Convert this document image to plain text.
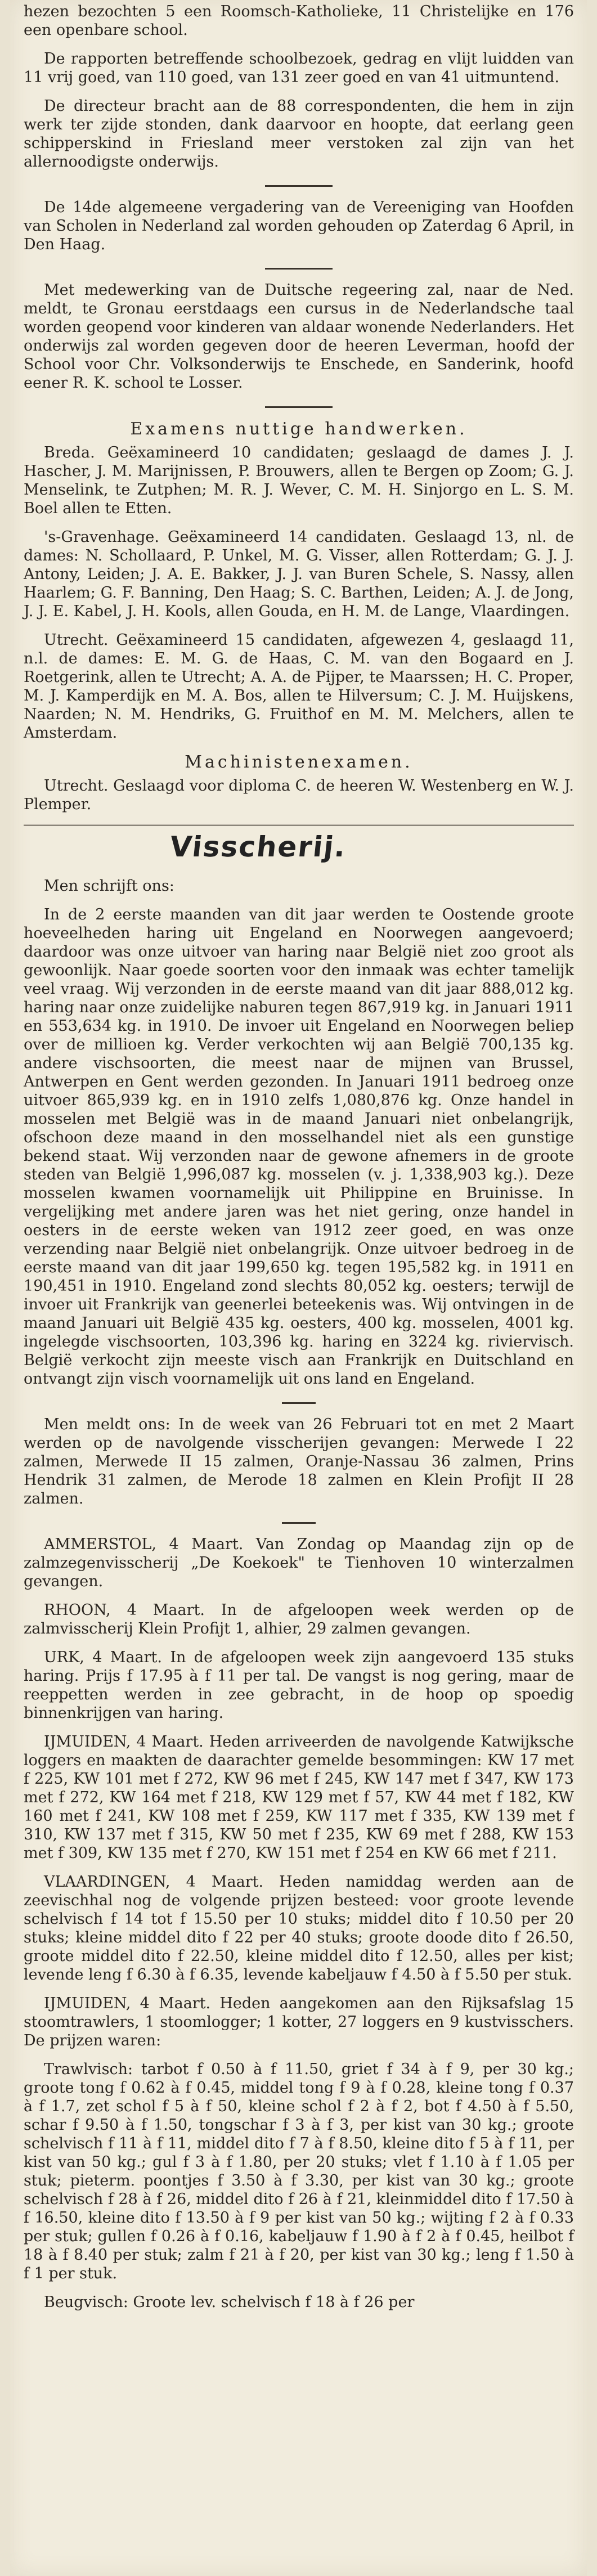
hezen bezochten 5 een Roomsch-Katholieke, 11 Christelijke en 176 een openbare school.

De rapporten betreffende schoolbezoek, gedrag en vlijt luidden van 11 vrij goed, van 110 goed, van 131 zeer goed en van 41 uitmuntend.

De directeur bracht aan de 88 correspondenten, die hem in zijn werk ter zijde stonden, dank daarvoor en hoopte, dat eerlang geen schipperskind in Friesland meer verstoken zal zijn van het allernoodigste onderwijs.

De 14de algemeene vergadering van de Vereeniging van Hoofden van Scholen in Nederland zal worden gehouden op Zaterdag 6 April, in Den Haag.

Met medewerking van de Duitsche regeering zal, naar de Ned. meldt, te Gronau eerstdaags een cursus in de Nederlandsche taal worden geopend voor kinderen van aldaar wonende Nederlanders. Het onderwijs zal worden gegeven door de heeren Leverman, hoofd der School voor Chr. Volksonderwijs te Enschede, en Sanderink, hoofd eener R. K. school te Losser.

Examens nuttige handwerken.

Breda. Geëxamineerd 10 candidaten; geslaagd de dames J. J. Hascher, J. M. Marijnissen, P. Brouwers, allen te Bergen op Zoom; G. J. Menselink, te Zutphen; M. R. J. Wever, C. M. H. Sinjorgo en L. S. M. Boel allen te Etten.

's-Gravenhage. Geëxamineerd 14 candidaten. Geslaagd 13, nl. de dames: N. Schollaard, P. Unkel, M. G. Visser, allen Rotterdam; G. J. J. Antony, Leiden; J. A. E. Bakker, J. J. van Buren Schele, S. Nassy, allen Haarlem; G. F. Banning, Den Haag; S. C. Barthen, Leiden; A. J. de Jong, J. J. E. Kabel, J. H. Kools, allen Gouda, en H. M. de Lange, Vlaardingen.

Utrecht. Geëxamineerd 15 candidaten, afgewezen 4, geslaagd 11, n.l. de dames: E. M. G. de Haas, C. M. van den Bogaard en J. Roetgerink, allen te Utrecht; A. A. de Pijper, te Maarssen; H. C. Proper, M. J. Kamperdijk en M. A. Bos, allen te Hilversum; C. J. M. Huijskens, Naarden; N. M. Hendriks, G. Fruithof en M. M. Melchers, allen te Amsterdam.

Machinistenexamen.

Utrecht. Geslaagd voor diploma C. de heeren W. Westenberg en W. J. Plemper.

Visscherij.

Men schrijft ons:

In de 2 eerste maanden van dit jaar werden te Oostende groote hoeveelheden haring uit Engeland en Noorwegen aangevoerd; daardoor was onze uitvoer van haring naar België niet zoo groot als gewoonlijk. Naar goede soorten voor den inmaak was echter tamelijk veel vraag. Wij verzonden in de eerste maand van dit jaar 888,012 kg. haring naar onze zuidelijke naburen tegen 867,919 kg. in Januari 1911 en 553,634 kg. in 1910. De invoer uit Engeland en Noorwegen beliep over de millioen kg. Verder verkochten wij aan België 700,135 kg. andere vischsoorten, die meest naar de mijnen van Brussel, Antwerpen en Gent werden gezonden. In Januari 1911 bedroeg onze uitvoer 865,939 kg. en in 1910 zelfs 1,080,876 kg. Onze handel in mosselen met België was in de maand Januari niet onbelangrijk, ofschoon deze maand in den mosselhandel niet als een gunstige bekend staat. Wij verzonden naar de gewone afnemers in de groote steden van België 1,996,087 kg. mosselen (v. j. 1,338,903 kg.). Deze mosselen kwamen voornamelijk uit Philippine en Bruinisse. In vergelijking met andere jaren was het niet gering, onze handel in oesters in de eerste weken van 1912 zeer goed, en was onze verzending naar België niet onbelangrijk. Onze uitvoer bedroeg in de eerste maand van dit jaar 199,650 kg. tegen 195,582 kg. in 1911 en 190,451 in 1910. Engeland zond slechts 80,052 kg. oesters; terwijl de invoer uit Frankrijk van geenerlei beteekenis was. Wij ontvingen in de maand Januari uit België 435 kg. oesters, 400 kg. mosselen, 4001 kg. ingelegde vischsoorten, 103,396 kg. haring en 3224 kg. riviervisch. België verkocht zijn meeste visch aan Frankrijk en Duitschland en ontvangt zijn visch voornamelijk uit ons land en Engeland.

Men meldt ons: In de week van 26 Februari tot en met 2 Maart werden op de navolgende visscherijen gevangen: Merwede I 22 zalmen, Merwede II 15 zalmen, Oranje-Nassau 36 zalmen, Prins Hendrik 31 zalmen, de Merode 18 zalmen en Klein Profijt II 28 zalmen.

AMMERSTOL, 4 Maart. Van Zondag op Maandag zijn op de zalmzegenvisscherij „De Koekoek" te Tienhoven 10 winterzalmen gevangen.

RHOON, 4 Maart. In de afgeloopen week werden op de zalmvisscherij Klein Profijt 1, alhier, 29 zalmen gevangen.

URK, 4 Maart. In de afgeloopen week zijn aangevoerd 135 stuks haring. Prijs f 17.95 à f 11 per tal. De vangst is nog gering, maar de reeppetten werden in zee gebracht, in de hoop op spoedig binnenkrijgen van haring.

IJMUIDEN, 4 Maart. Heden arriveerden de navolgende Katwijksche loggers en maakten de daarachter gemelde besommingen: KW 17 met f 225, KW 101 met f 272, KW 96 met f 245, KW 147 met f 347, KW 173 met f 272, KW 164 met f 218, KW 129 met f 57, KW 44 met f 182, KW 160 met f 241, KW 108 met f 259, KW 117 met f 335, KW 139 met f 310, KW 137 met f 315, KW 50 met f 235, KW 69 met f 288, KW 153 met f 309, KW 135 met f 270, KW 151 met f 254 en KW 66 met f 211.

VLAARDINGEN, 4 Maart. Heden namiddag werden aan de zeevischhal nog de volgende prijzen besteed: voor groote levende schelvisch f 14 tot f 15.50 per 10 stuks; middel dito f 10.50 per 20 stuks; kleine middel dito f 22 per 40 stuks; groote doode dito f 26.50, groote middel dito f 22.50, kleine middel dito f 12.50, alles per kist; levende leng f 6.30 à f 6.35, levende kabeljauw f 4.50 à f 5.50 per stuk.

IJMUIDEN, 4 Maart. Heden aangekomen aan den Rijksafslag 15 stoomtrawlers, 1 stoomlogger; 1 kotter, 27 loggers en 9 kustvisschers. De prijzen waren:

Trawlvisch: tarbot f 0.50 à f 11.50, griet f 34 à f 9, per 30 kg.; groote tong f 0.62 à f 0.45, middel tong f 9 à f 0.28, kleine tong f 0.37 à f 1.7, zet schol f 5 à f 50, kleine schol f 2 à f 2, bot f 4.50 à f 5.50, schar f 9.50 à f 1.50, tongschar f 3 à f 3, per kist van 30 kg.; groote schelvisch f 11 à f 11, middel dito f 7 à f 8.50, kleine dito f 5 à f 11, per kist van 50 kg.; gul f 3 à f 1.80, per 20 stuks; vlet f 1.10 à f 1.05 per stuk; pieterm. poontjes f 3.50 à f 3.30, per kist van 30 kg.; groote schelvisch f 28 à f 26, middel dito f 26 à f 21, kleinmiddel dito f 17.50 à f 16.50, kleine dito f 13.50 à f 9 per kist van 50 kg.; wijting f 2 à f 0.33 per stuk; gullen f 0.26 à f 0.16, kabeljauw f 1.90 à f 2 à f 0.45, heilbot f 18 à f 8.40 per stuk; zalm f 21 à f 20, per kist van 30 kg.; leng f 1.50 à f 1 per stuk.

Beugvisch: Groote lev. schelvisch f 18 à f 26 per
